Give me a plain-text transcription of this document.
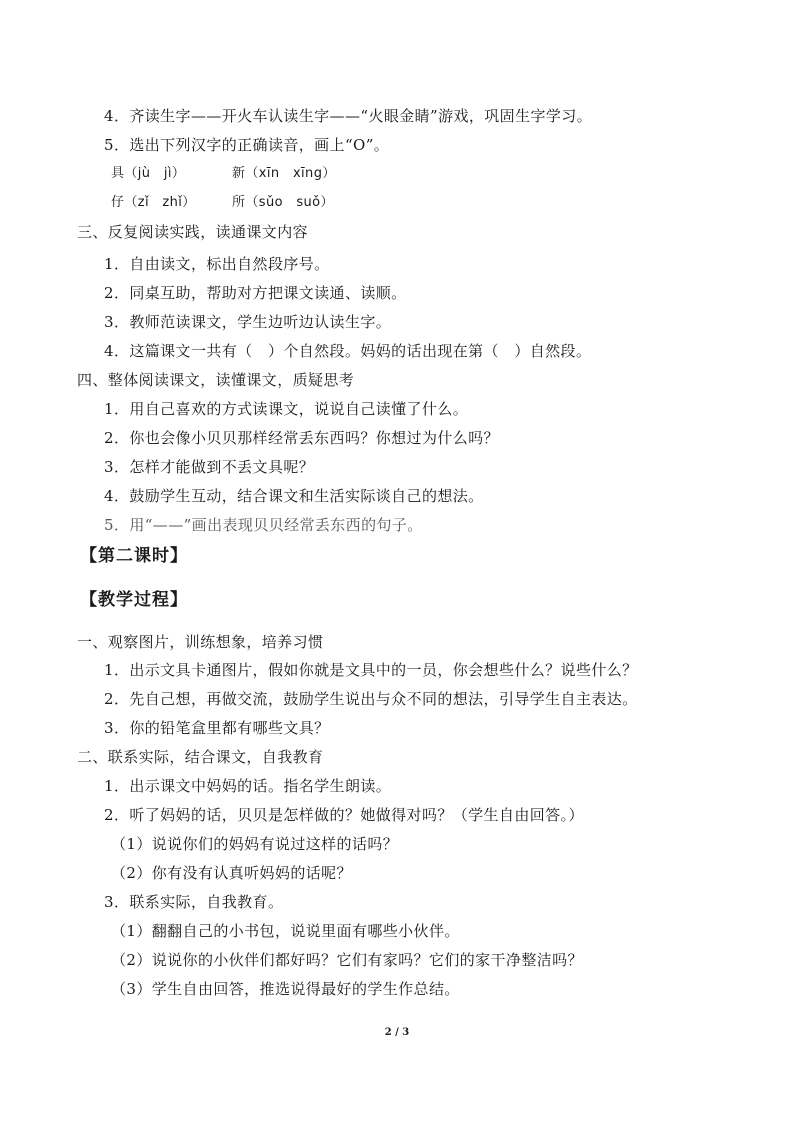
4．齐读生字——开火车认读生字——“火眼金睛”游戏，巩固生字学习。
5．选出下列汉字的正确读音，画上“O”。
具（jù　jì）	新（xīn　xīng）
仔（zǐ　zhǐ）	所（sǔo　suǒ）
三、反复阅读实践，读通课文内容
1．自由读文，标出自然段序号。
2．同桌互助，帮助对方把课文读通、读顺。
3．教师范读课文，学生边听边认读生字。
4．这篇课文一共有（　）个自然段。妈妈的话出现在第（　）自然段。
四、整体阅读课文，读懂课文，质疑思考
1．用自己喜欢的方式读课文，说说自己读懂了什么。
2．你也会像小贝贝那样经常丢东西吗？你想过为什么吗？
3．怎样才能做到不丢文具呢？
4．鼓励学生互动，结合课文和生活实际谈自己的想法。
5．用“——”画出表现贝贝经常丢东西的句子。
【第二课时】
【教学过程】
一、观察图片，训练想象，培养习惯
1．出示文具卡通图片，假如你就是文具中的一员，你会想些什么？说些什么？
2．先自己想，再做交流，鼓励学生说出与众不同的想法，引导学生自主表达。
3．你的铅笔盒里都有哪些文具？
二、联系实际，结合课文，自我教育
1．出示课文中妈妈的话。指名学生朗读。
2．听了妈妈的话，贝贝是怎样做的？她做得对吗？（学生自由回答。）
（1）说说你们的妈妈有说过这样的话吗？
（2）你有没有认真听妈妈的话呢？
3．联系实际，自我教育。
（1）翻翻自己的小书包，说说里面有哪些小伙伴。
（2）说说你的小伙伴们都好吗？它们有家吗？它们的家干净整洁吗？
（3）学生自由回答，推选说得最好的学生作总结。
2 / 3
